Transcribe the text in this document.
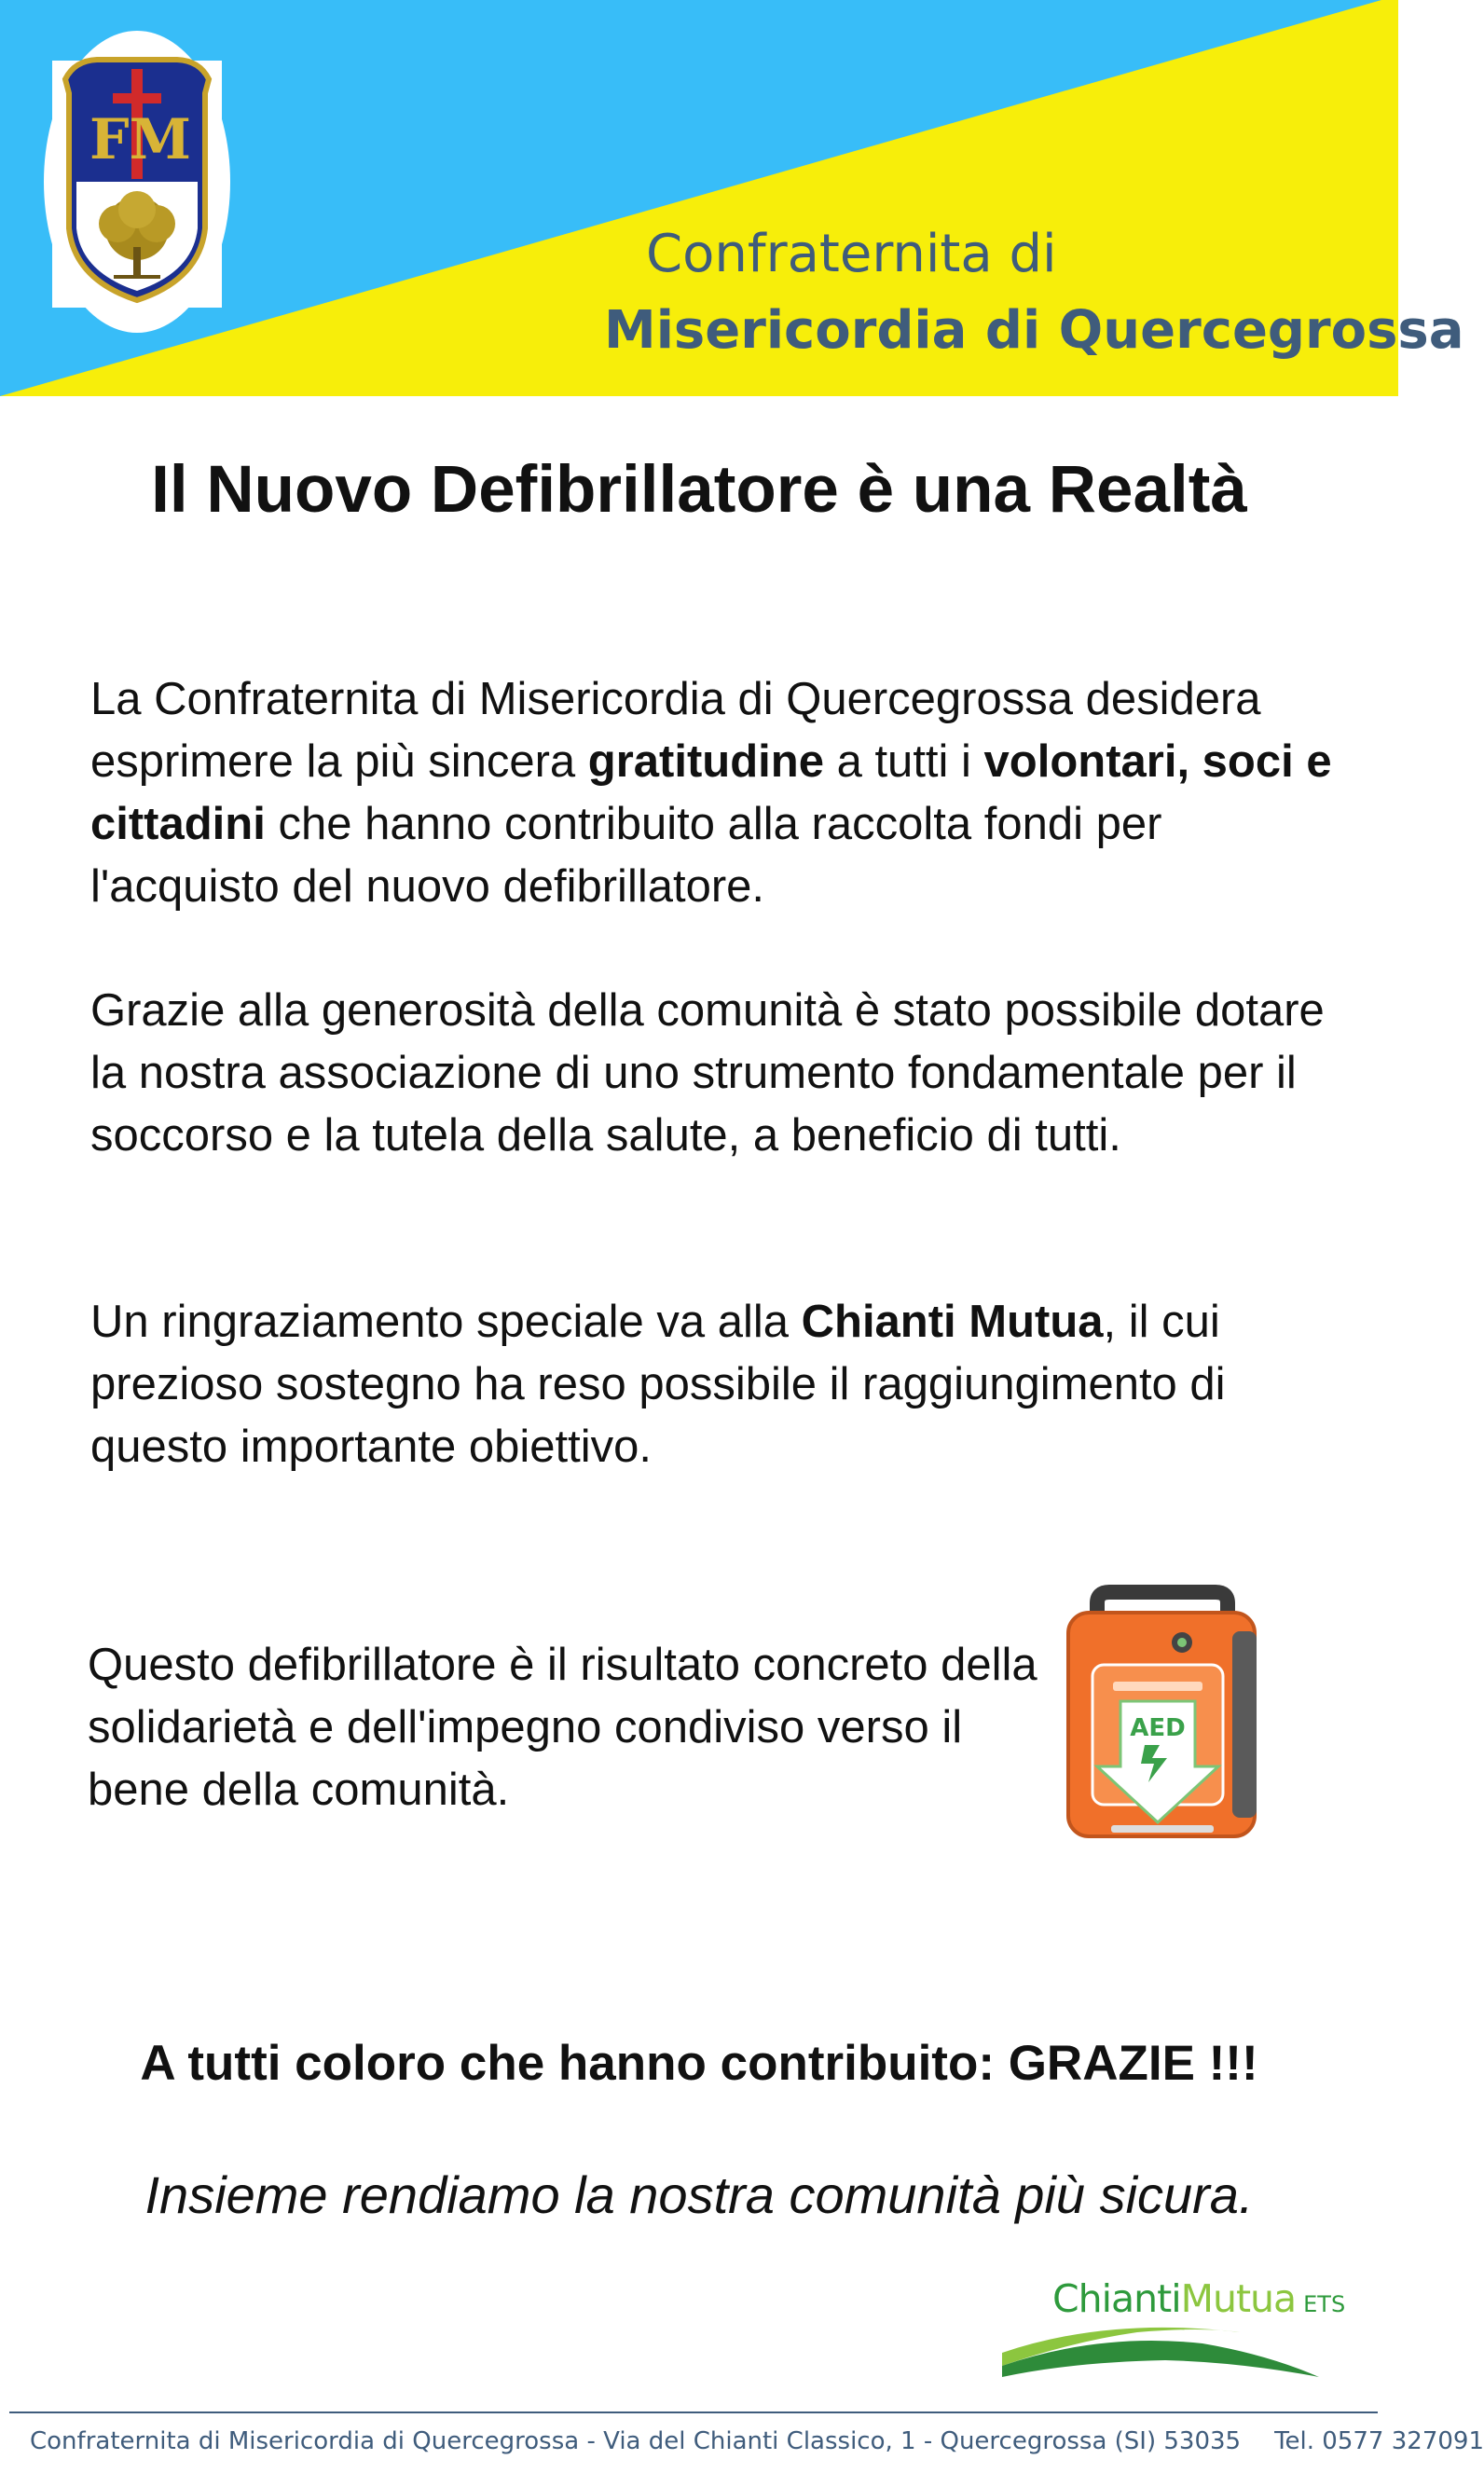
FM
Confraternita di
Misericordia di Quercegrossa
Il Nuovo Defibrillatore è una Realtà

La Confraternita di Misericordia di Quercegrossa desidera esprimere la più sincera gratitudine a tutti i volontari, soci e cittadini che hanno contribuito alla raccolta fondi per l'acquisto del nuovo defibrillatore.

Grazie alla generosità della comunità è stato possibile dotare la nostra associazione di uno strumento fondamentale per il soccorso e la tutela della salute, a beneficio di tutti.

Un ringraziamento speciale va alla Chianti Mutua, il cui prezioso sostegno ha reso possibile il raggiungimento di questo importante obiettivo.

Questo defibrillatore è il risultato concreto della solidarietà e dell'impegno condiviso verso il bene della comunità.

AED
A tutti coloro che hanno contribuito: GRAZIE !!!
Insieme rendiamo la nostra comunità più sicura.
ChiantiMutua ETS
Confraternita di Misericordia di Quercegrossa - Via del Chianti Classico, 1 - Quercegrossa (SI) 53035 Tel. 0577 327091
